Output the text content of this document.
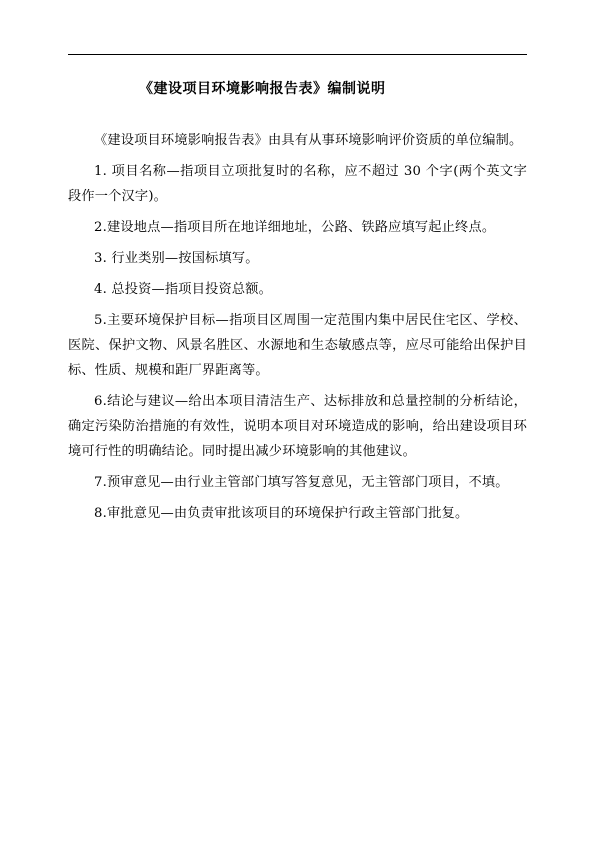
《建设项目环境影响报告表》编制说明

《建设项目环境影响报告表》由具有从事环境影响评价资质的单位编制。

1. 项目名称—指项目立项批复时的名称，应不超过 30 个字(两个英文字段作一个汉字)。

2.建设地点—指项目所在地详细地址，公路、铁路应填写起止终点。

3. 行业类别—按国标填写。

4. 总投资—指项目投资总额。

5.主要环境保护目标—指项目区周围一定范围内集中居民住宅区、学校、医院、保护文物、风景名胜区、水源地和生态敏感点等，应尽可能给出保护目标、性质、规模和距厂界距离等。

6.结论与建议—给出本项目清洁生产、达标排放和总量控制的分析结论，确定污染防治措施的有效性，说明本项目对环境造成的影响，给出建设项目环境可行性的明确结论。同时提出减少环境影响的其他建议。

7.预审意见—由行业主管部门填写答复意见，无主管部门项目，不填。

8.审批意见—由负责审批该项目的环境保护行政主管部门批复。
